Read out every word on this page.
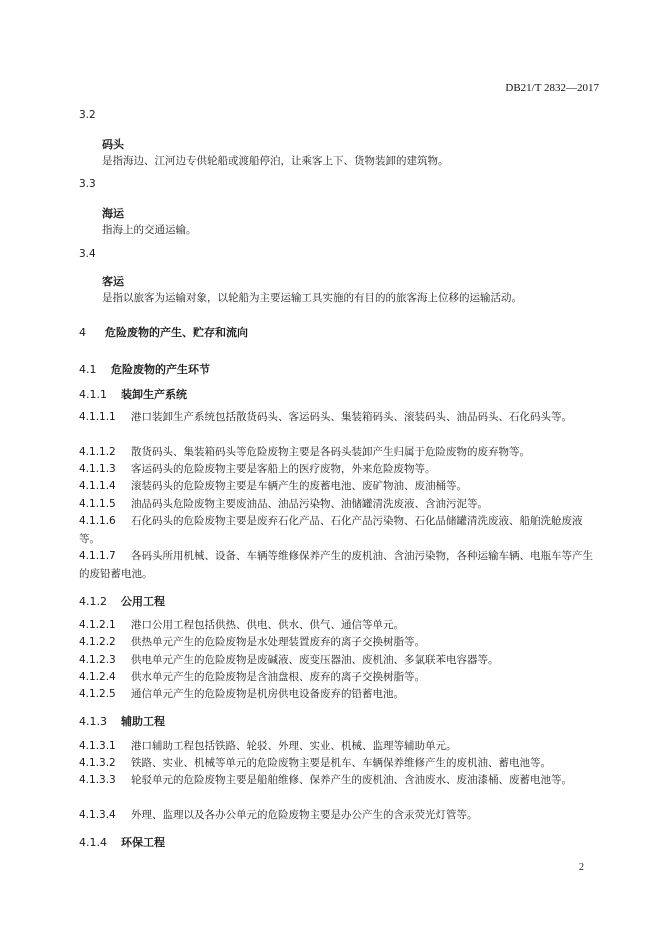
DB21/T 2832—2017
3.2
码头
是指海边、江河边专供轮船或渡船停泊，让乘客上下、货物装卸的建筑物。
3.3
海运
指海上的交通运输。
3.4
客运
是指以旅客为运输对象，以轮船为主要运输工具实施的有目的的旅客海上位移的运输活动。
4 危险废物的产生、贮存和流向
4.1 危险废物的产生环节
4.1.1 装卸生产系统
4.1.1.1 港口装卸生产系统包括散货码头、客运码头、集装箱码头、滚装码头、油品码头、石化码头等。
4.1.1.2 散货码头、集装箱码头等危险废物主要是各码头装卸产生归属于危险废物的废弃物等。
4.1.1.3 客运码头的危险废物主要是客船上的医疗废物，外来危险废物等。
4.1.1.4 滚装码头的危险废物主要是车辆产生的废蓄电池、废矿物油、废油桶等。
4.1.1.5 油品码头危险废物主要废油品、油品污染物、油储罐清洗废液、含油污泥等。
4.1.1.6 石化码头的危险废物主要是废弃石化产品、石化产品污染物、石化品储罐清洗废液、船舶洗舱废液等。
4.1.1.7 各码头所用机械、设备、车辆等维修保养产生的废机油、含油污染物，各种运输车辆、电瓶车等产生的废铅蓄电池。
4.1.2 公用工程
4.1.2.1 港口公用工程包括供热、供电、供水、供气、通信等单元。
4.1.2.2 供热单元产生的危险废物是水处理装置废弃的离子交换树脂等。
4.1.2.3 供电单元产生的危险废物是废碱液、废变压器油、废机油、多氯联苯电容器等。
4.1.2.4 供水单元产生的危险废物是含油盘根、废弃的离子交换树脂等。
4.1.2.5 通信单元产生的危险废物是机房供电设备废弃的铅蓄电池。
4.1.3 辅助工程
4.1.3.1 港口辅助工程包括铁路、轮驳、外理、实业、机械、监理等辅助单元。
4.1.3.2 铁路、实业、机械等单元的危险废物主要是机车、车辆保养维修产生的废机油、蓄电池等。
4.1.3.3 轮驳单元的危险废物主要是船舶维修、保养产生的废机油、含油废水、废油漆桶、废蓄电池等。
4.1.3.4 外理、监理以及各办公单元的危险废物主要是办公产生的含汞荧光灯管等。
4.1.4 环保工程
2
